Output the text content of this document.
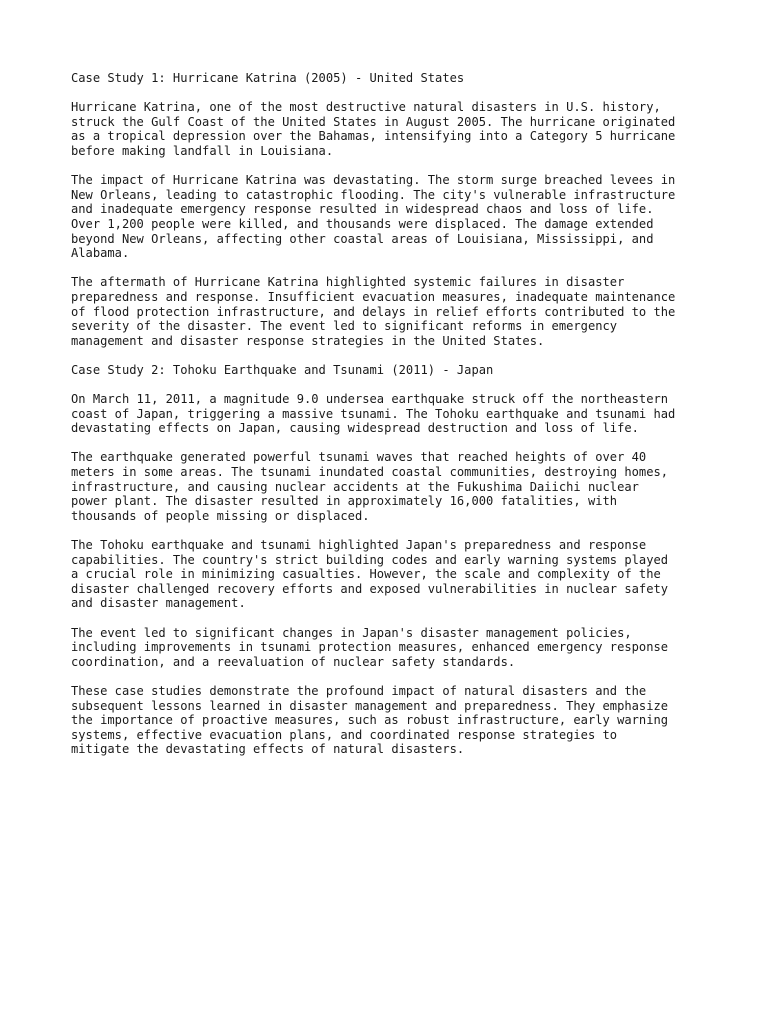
Case Study 1: Hurricane Katrina (2005) - United States
Hurricane Katrina, one of the most destructive natural disasters in U.S. history,
struck the Gulf Coast of the United States in August 2005. The hurricane originated
as a tropical depression over the Bahamas, intensifying into a Category 5 hurricane
before making landfall in Louisiana.
The impact of Hurricane Katrina was devastating. The storm surge breached levees in
New Orleans, leading to catastrophic flooding. The city's vulnerable infrastructure
and inadequate emergency response resulted in widespread chaos and loss of life.
Over 1,200 people were killed, and thousands were displaced. The damage extended
beyond New Orleans, affecting other coastal areas of Louisiana, Mississippi, and
Alabama.
The aftermath of Hurricane Katrina highlighted systemic failures in disaster
preparedness and response. Insufficient evacuation measures, inadequate maintenance
of flood protection infrastructure, and delays in relief efforts contributed to the
severity of the disaster. The event led to significant reforms in emergency
management and disaster response strategies in the United States.
Case Study 2: Tohoku Earthquake and Tsunami (2011) - Japan
On March 11, 2011, a magnitude 9.0 undersea earthquake struck off the northeastern
coast of Japan, triggering a massive tsunami. The Tohoku earthquake and tsunami had
devastating effects on Japan, causing widespread destruction and loss of life.
The earthquake generated powerful tsunami waves that reached heights of over 40
meters in some areas. The tsunami inundated coastal communities, destroying homes,
infrastructure, and causing nuclear accidents at the Fukushima Daiichi nuclear
power plant. The disaster resulted in approximately 16,000 fatalities, with
thousands of people missing or displaced.
The Tohoku earthquake and tsunami highlighted Japan's preparedness and response
capabilities. The country's strict building codes and early warning systems played
a crucial role in minimizing casualties. However, the scale and complexity of the
disaster challenged recovery efforts and exposed vulnerabilities in nuclear safety
and disaster management.
The event led to significant changes in Japan's disaster management policies,
including improvements in tsunami protection measures, enhanced emergency response
coordination, and a reevaluation of nuclear safety standards.
These case studies demonstrate the profound impact of natural disasters and the
subsequent lessons learned in disaster management and preparedness. They emphasize
the importance of proactive measures, such as robust infrastructure, early warning
systems, effective evacuation plans, and coordinated response strategies to
mitigate the devastating effects of natural disasters.
